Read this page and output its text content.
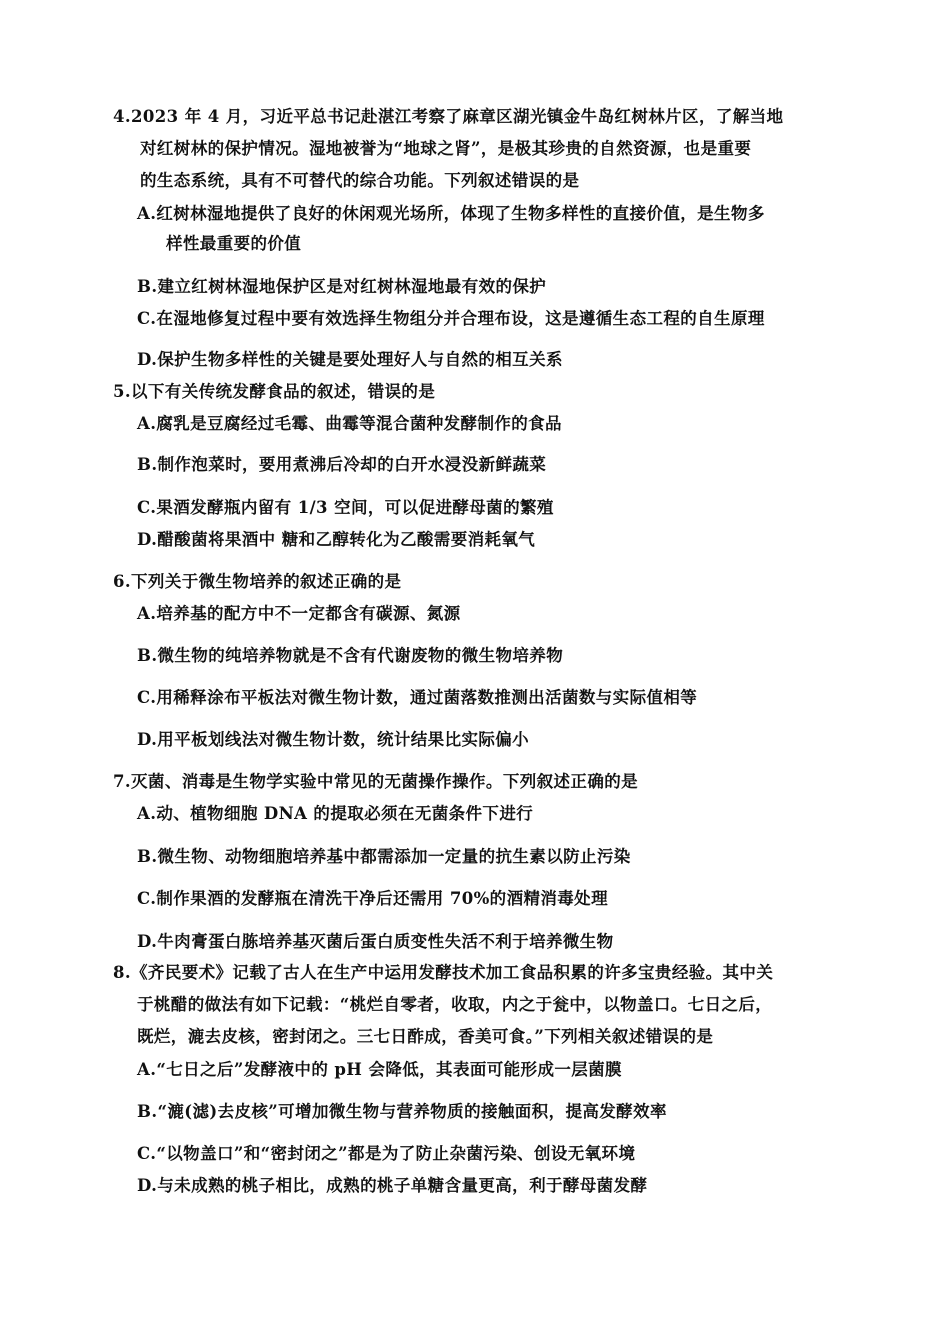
4.2023 年 4 月，习近平总书记赴湛江考察了麻章区湖光镇金牛岛红树林片区，了解当地
对红树林的保护情况。湿地被誉为“地球之肾”，是极其珍贵的自然资源，也是重要
的生态系统，具有不可替代的综合功能。下列叙述错误的是
A.红树林湿地提供了良好的休闲观光场所，体现了生物多样性的直接价值，是生物多
样性最重要的价值
B.建立红树林湿地保护区是对红树林湿地最有效的保护
C.在湿地修复过程中要有效选择生物组分并合理布设，这是遵循生态工程的自生原理
D.保护生物多样性的关键是要处理好人与自然的相互关系
5.以下有关传统发酵食品的叙述，错误的是
A.腐乳是豆腐经过毛霉、曲霉等混合菌种发酵制作的食品
B.制作泡菜时，要用煮沸后冷却的白开水浸没新鲜蔬菜
C.果酒发酵瓶内留有 1/3 空间，可以促进酵母菌的繁殖
D.醋酸菌将果酒中 糖和乙醇转化为乙酸需要消耗氧气
6.下列关于微生物培养的叙述正确的是
A.培养基的配方中不一定都含有碳源、氮源
B.微生物的纯培养物就是不含有代谢废物的微生物培养物
C.用稀释涂布平板法对微生物计数，通过菌落数推测出活菌数与实际值相等
D.用平板划线法对微生物计数，统计结果比实际偏小
7.灭菌、消毒是生物学实验中常见的无菌操作操作。下列叙述正确的是
A.动、植物细胞 DNA 的提取必须在无菌条件下进行
B.微生物、动物细胞培养基中都需添加一定量的抗生素以防止污染
C.制作果酒的发酵瓶在清洗干净后还需用 70%的酒精消毒处理
D.牛肉膏蛋白胨培养基灭菌后蛋白质变性失活不利于培养微生物
8.《齐民要术》记载了古人在生产中运用发酵技术加工食品积累的许多宝贵经验。其中关
于桃醋的做法有如下记载：“桃烂自零者，收取，内之于瓮中，以物盖口。七日之后，
既烂，漉去皮核，密封闭之。三七日酢成，香美可食。”下列相关叙述错误的是
A.“七日之后”发酵液中的 pH 会降低，其表面可能形成一层菌膜
B.“漉(滤)去皮核”可增加微生物与营养物质的接触面积，提高发酵效率
C.“以物盖口”和“密封闭之”都是为了防止杂菌污染、创设无氧环境
D.与未成熟的桃子相比，成熟的桃子单糖含量更高，利于酵母菌发酵
